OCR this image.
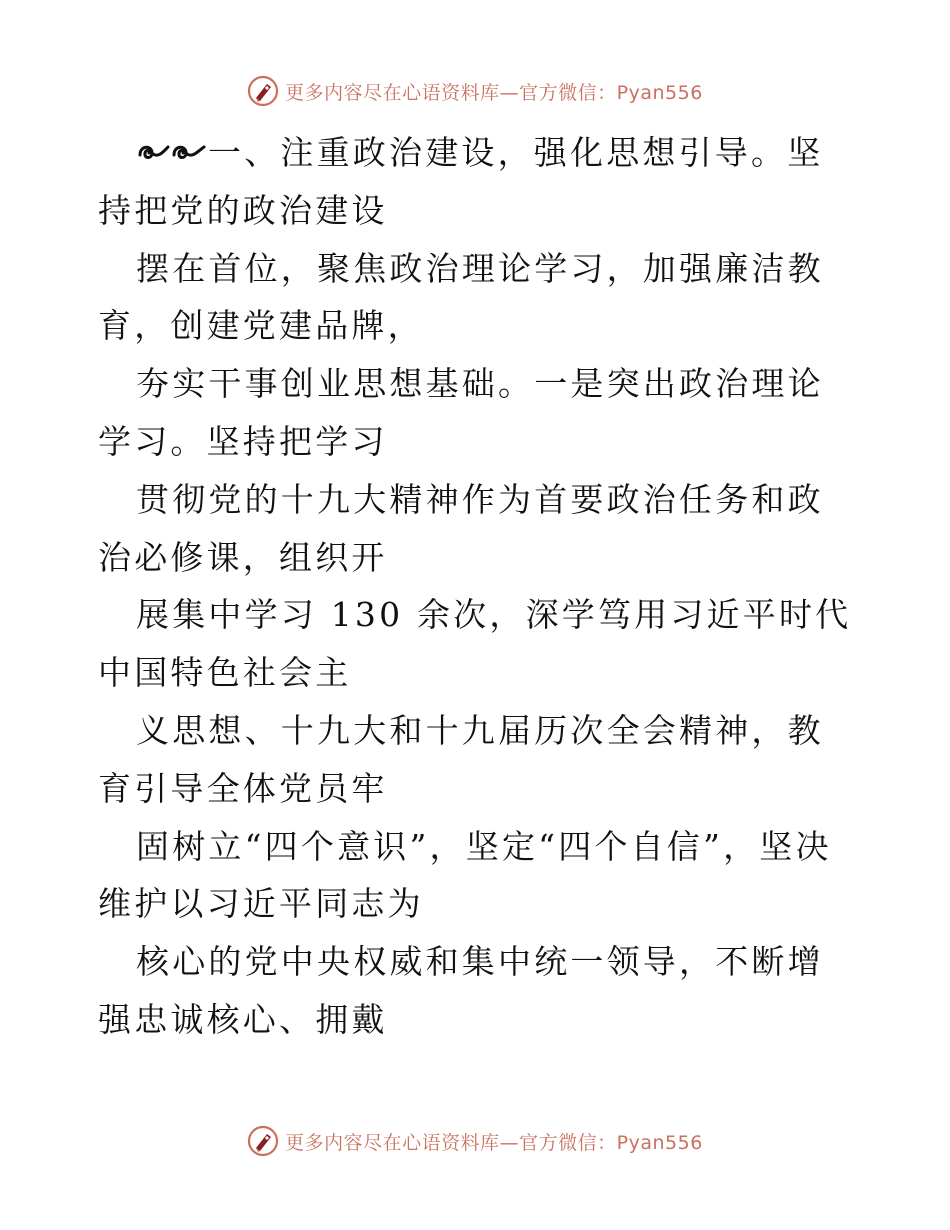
更多内容尽在心语资料库—官方微信：Pyan556

一、注重政治建设，强化思想引导。坚持把党的政治建设

摆在首位，聚焦政治理论学习，加强廉洁教育，创建党建品牌，

夯实干事创业思想基础。一是突出政治理论学习。坚持把学习

贯彻党的十九大精神作为首要政治任务和政治必修课，组织开

展集中学习 130 余次，深学笃用习近平时代中国特色社会主

义思想、十九大和十九届历次全会精神，教育引导全体党员牢

固树立“四个意识”，坚定“四个自信”，坚决维护以习近平同志为

核心的党中央权威和集中统一领导，不断增强忠诚核心、拥戴

更多内容尽在心语资料库—官方微信：Pyan556
